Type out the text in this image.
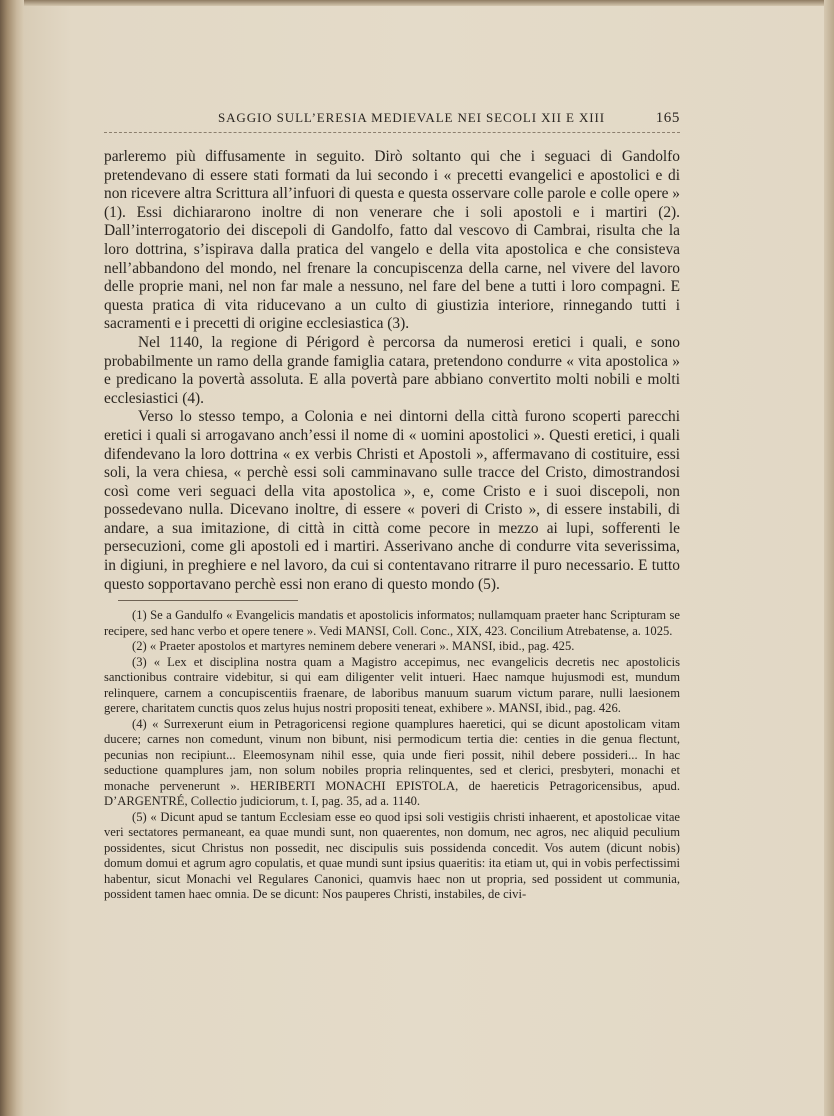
SAGGIO SULL’ERESIA MEDIEVALE NEI SECOLI XII E XIII	165

parleremo più diffusamente in seguito. Dirò soltanto qui che i seguaci di Gandolfo pretendevano di essere stati formati da lui secondo i « precetti evangelici e apostolici e di non ricevere altra Scrittura all’infuori di questa e questa osservare colle parole e colle opere » (1). Essi dichiararono inoltre di non venerare che i soli apostoli e i martiri (2). Dall’interrogatorio dei discepoli di Gandolfo, fatto dal vescovo di Cambrai, risulta che la loro dottrina, s’ispirava dalla pratica del vangelo e della vita apostolica e che consisteva nell’abbandono del mondo, nel frenare la concupiscenza della carne, nel vivere del lavoro delle proprie mani, nel non far male a nessuno, nel fare del bene a tutti i loro compagni. E questa pratica di vita riducevano a un culto di giustizia interiore, rinnegando tutti i sacramenti e i precetti di origine ecclesiastica (3).

Nel 1140, la regione di Périgord è percorsa da numerosi eretici i quali, e sono probabilmente un ramo della grande famiglia catara, pretendono condurre « vita apostolica » e predicano la povertà assoluta. E alla povertà pare abbiano convertito molti nobili e molti ecclesiastici (4).

Verso lo stesso tempo, a Colonia e nei dintorni della città furono scoperti parecchi eretici i quali si arrogavano anch’essi il nome di « uomini apostolici ». Questi eretici, i quali difendevano la loro dottrina « ex verbis Christi et Apostoli », affermavano di costituire, essi soli, la vera chiesa, « perchè essi soli camminavano sulle tracce del Cristo, dimostrandosi così come veri seguaci della vita apostolica », e, come Cristo e i suoi discepoli, non possedevano nulla. Dicevano inoltre, di essere « poveri di Cristo », di essere instabili, di andare, a sua imitazione, di città in città come pecore in mezzo ai lupi, sofferenti le persecuzioni, come gli apostoli ed i martiri. Asserivano anche di condurre vita severissima, in digiuni, in preghiere e nel lavoro, da cui si contentavano ritrarre il puro necessario. E tutto questo sopportavano perchè essi non erano di questo mondo (5).

(1) Se a Gandulfo « Evangelicis mandatis et apostolicis informatos; nullamquam praeter hanc Scripturam se recipere, sed hanc verbo et opere tenere ». Vedi MANSI, Coll. Conc., XIX, 423. Concilium Atrebatense, a. 1025.

(2) « Praeter apostolos et martyres neminem debere venerari ». MANSI, ibid., pag. 425.

(3) « Lex et disciplina nostra quam a Magistro accepimus, nec evangelicis decretis nec apostolicis sanctionibus contraire videbitur, si qui eam diligenter velit intueri. Haec namque hujusmodi est, mundum relinquere, carnem a concupiscentiis fraenare, de laboribus manuum suarum victum parare, nulli laesionem gerere, charitatem cunctis quos zelus hujus nostri propositi teneat, exhibere ». MANSI, ibid., pag. 426.

(4) « Surrexerunt eium in Petragoricensi regione quamplures haeretici, qui se dicunt apostolicam vitam ducere; carnes non comedunt, vinum non bibunt, nisi permodicum tertia die: centies in die genua flectunt, pecunias non recipiunt... Eleemosynam nihil esse, quia unde fieri possit, nihil debere possideri... In hac seductione quamplures jam, non solum nobiles propria relinquentes, sed et clerici, presbyteri, monachi et monache pervenerunt ». HERIBERTI MONACHI EPISTOLA, de haereticis Petragoricensibus, apud. D’ARGENTRÉ, Collectio judiciorum, t. I, pag. 35, ad a. 1140.

(5) « Dicunt apud se tantum Ecclesiam esse eo quod ipsi soli vestigiis christi inhaerent, et apostolicae vitae veri sectatores permaneant, ea quae mundi sunt, non quaerentes, non domum, nec agros, nec aliquid peculium possidentes, sicut Christus non possedit, nec discipulis suis possidenda concedit. Vos autem (dicunt nobis) domum domui et agrum agro copulatis, et quae mundi sunt ipsius quaeritis: ita etiam ut, qui in vobis perfectissimi habentur, sicut Monachi vel Regulares Canonici, quamvis haec non ut propria, sed possident ut communia, possident tamen haec omnia. De se dicunt: Nos pauperes Christi, instabiles, de civi-
